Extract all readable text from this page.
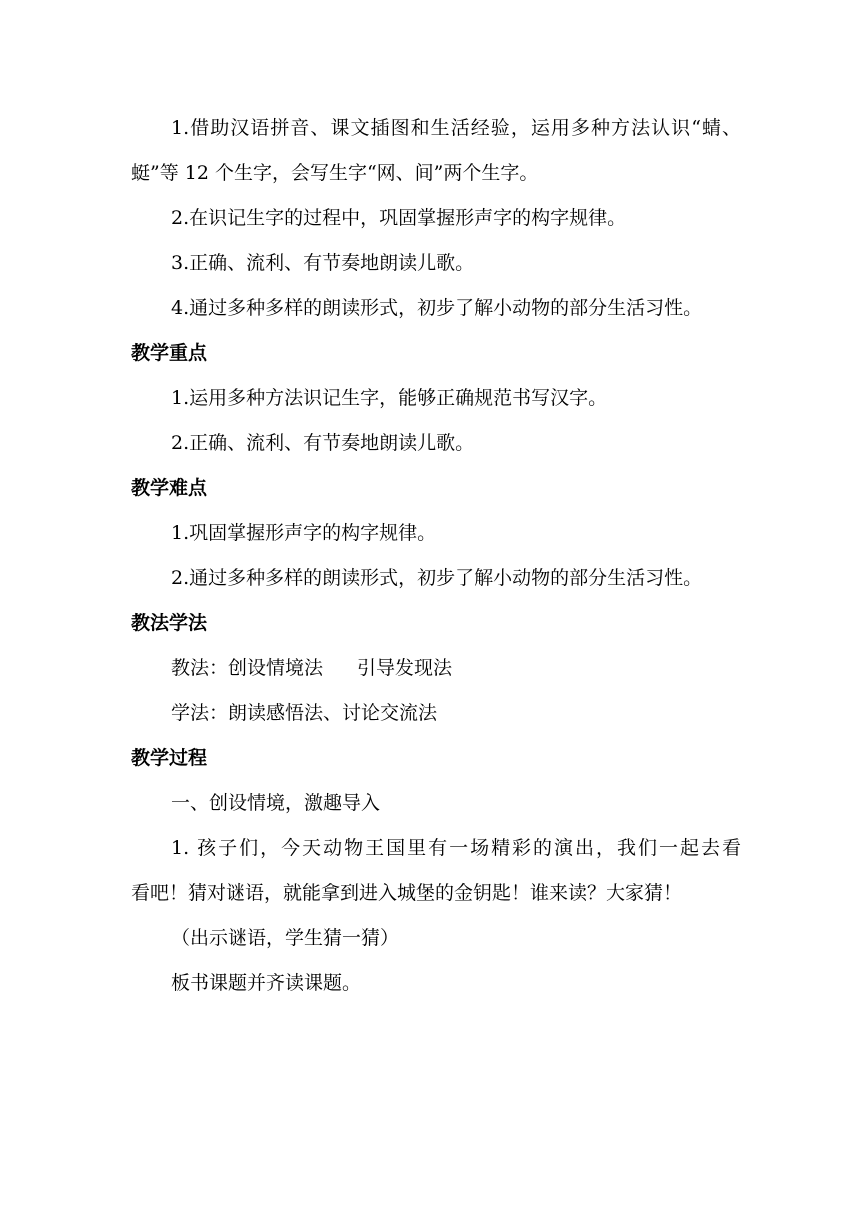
1.借助汉语拼音、课文插图和生活经验，运用多种方法认识“蜻、
蜓”等 12 个生字，会写生字“网、间”两个生字。
2.在识记生字的过程中，巩固掌握形声字的构字规律。
3.正确、流利、有节奏地朗读儿歌。
4.通过多种多样的朗读形式，初步了解小动物的部分生活习性。
教学重点
1.运用多种方法识记生字，能够正确规范书写汉字。
2.正确、流利、有节奏地朗读儿歌。
教学难点
1.巩固掌握形声字的构字规律。
2.通过多种多样的朗读形式，初步了解小动物的部分生活习性。
教法学法
教法：创设情境法 引导发现法
学法：朗读感悟法、讨论交流法
教学过程
一、创设情境，激趣导入
1. 孩子们，今天动物王国里有一场精彩的演出，我们一起去看
看吧！猜对谜语，就能拿到进入城堡的金钥匙！谁来读？大家猜！
（出示谜语，学生猜一猜）
板书课题并齐读课题。
